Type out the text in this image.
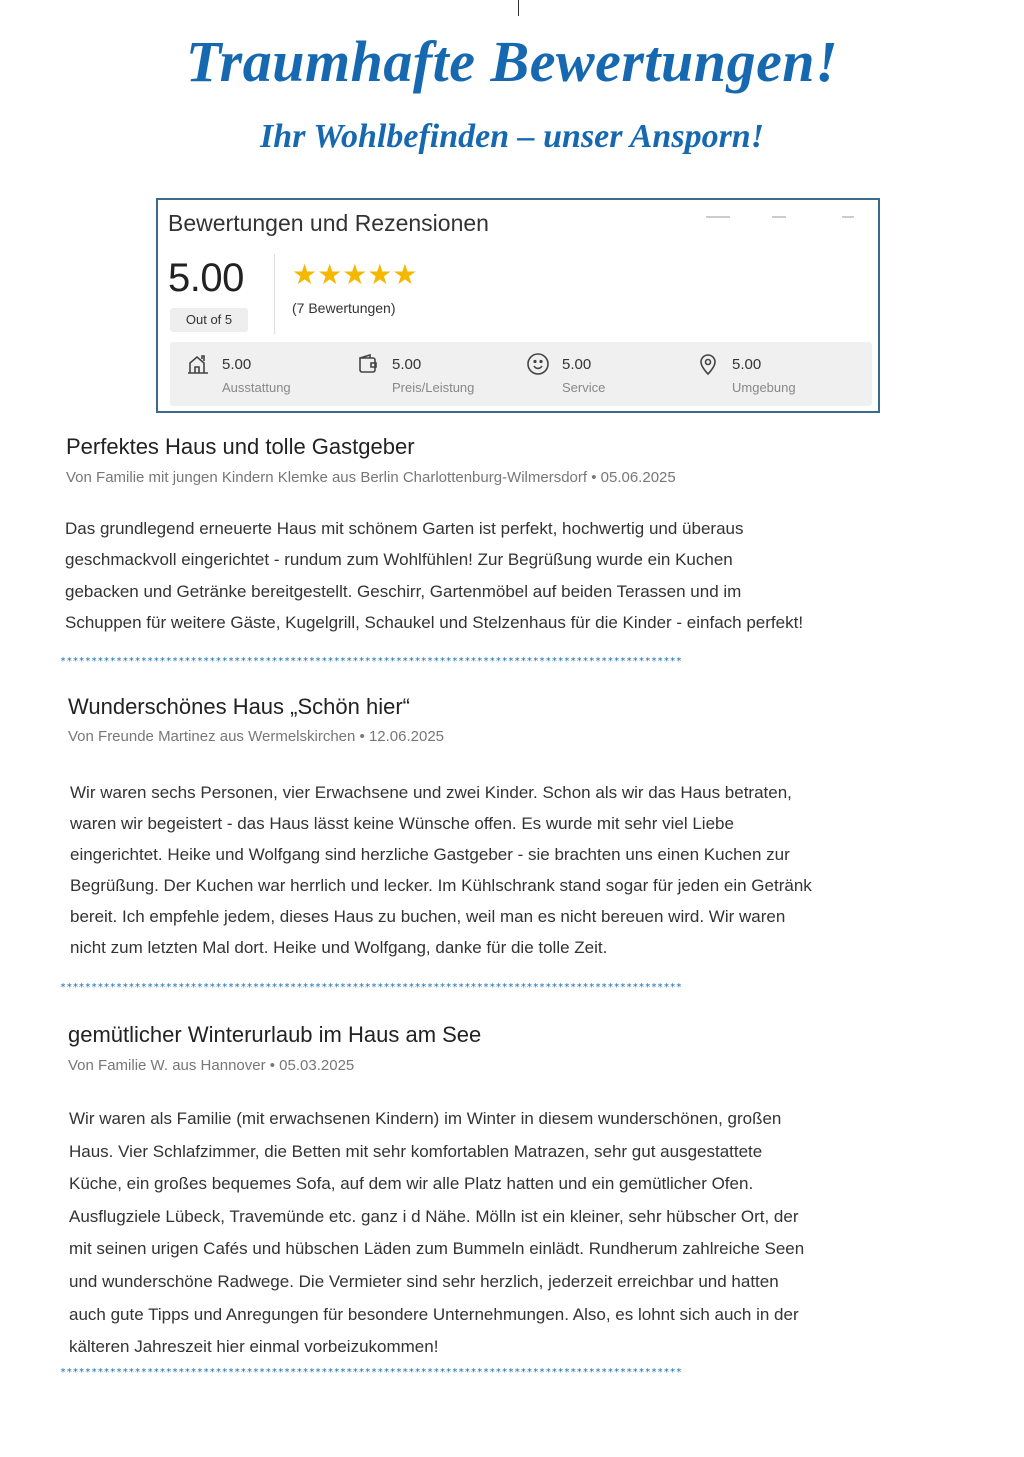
Traumhafte Bewertungen!
Ihr Wohlbefinden – unser Ansporn!
Bewertungen und Rezensionen
5.00
Out of 5
★★★★★
(7 Bewertungen)
5.00
Ausstattung
5.00
Preis/Leistung
5.00
Service
5.00
Umgebung
Perfektes Haus und tolle Gastgeber
Von Familie mit jungen Kindern Klemke aus Berlin Charlottenburg-Wilmersdorf • 05.06.2025
Das grundlegend erneuerte Haus mit schönem Garten ist perfekt, hochwertig und überaus
geschmackvoll eingerichtet - rundum zum Wohlfühlen! Zur Begrüßung wurde ein Kuchen
gebacken und Getränke bereitgestellt. Geschirr, Gartenmöbel auf beiden Terassen und im
Schuppen für weitere Gäste, Kugelgrill, Schaukel und Stelzenhaus für die Kinder - einfach perfekt!
****************************************************************************************************
Wunderschönes Haus „Schön hier“
Von Freunde Martinez aus Wermelskirchen • 12.06.2025
Wir waren sechs Personen, vier Erwachsene und zwei Kinder. Schon als wir das Haus betraten,
waren wir begeistert - das Haus lässt keine Wünsche offen. Es wurde mit sehr viel Liebe
eingerichtet. Heike und Wolfgang sind herzliche Gastgeber - sie brachten uns einen Kuchen zur
Begrüßung. Der Kuchen war herrlich und lecker. Im Kühlschrank stand sogar für jeden ein Getränk
bereit. Ich empfehle jedem, dieses Haus zu buchen, weil man es nicht bereuen wird. Wir waren
nicht zum letzten Mal dort. Heike und Wolfgang, danke für die tolle Zeit.
****************************************************************************************************
gemütlicher Winterurlaub im Haus am See
Von Familie W. aus Hannover • 05.03.2025
Wir waren als Familie (mit erwachsenen Kindern) im Winter in diesem wunderschönen, großen
Haus. Vier Schlafzimmer, die Betten mit sehr komfortablen Matrazen, sehr gut ausgestattete
Küche, ein großes bequemes Sofa, auf dem wir alle Platz hatten und ein gemütlicher Ofen.
Ausflugziele Lübeck, Travemünde etc. ganz i d Nähe. Mölln ist ein kleiner, sehr hübscher Ort, der
mit seinen urigen Cafés und hübschen Läden zum Bummeln einlädt. Rundherum zahlreiche Seen
und wunderschöne Radwege. Die Vermieter sind sehr herzlich, jederzeit erreichbar und hatten
auch gute Tipps und Anregungen für besondere Unternehmungen. Also, es lohnt sich auch in der
kälteren Jahreszeit hier einmal vorbeizukommen!
****************************************************************************************************
